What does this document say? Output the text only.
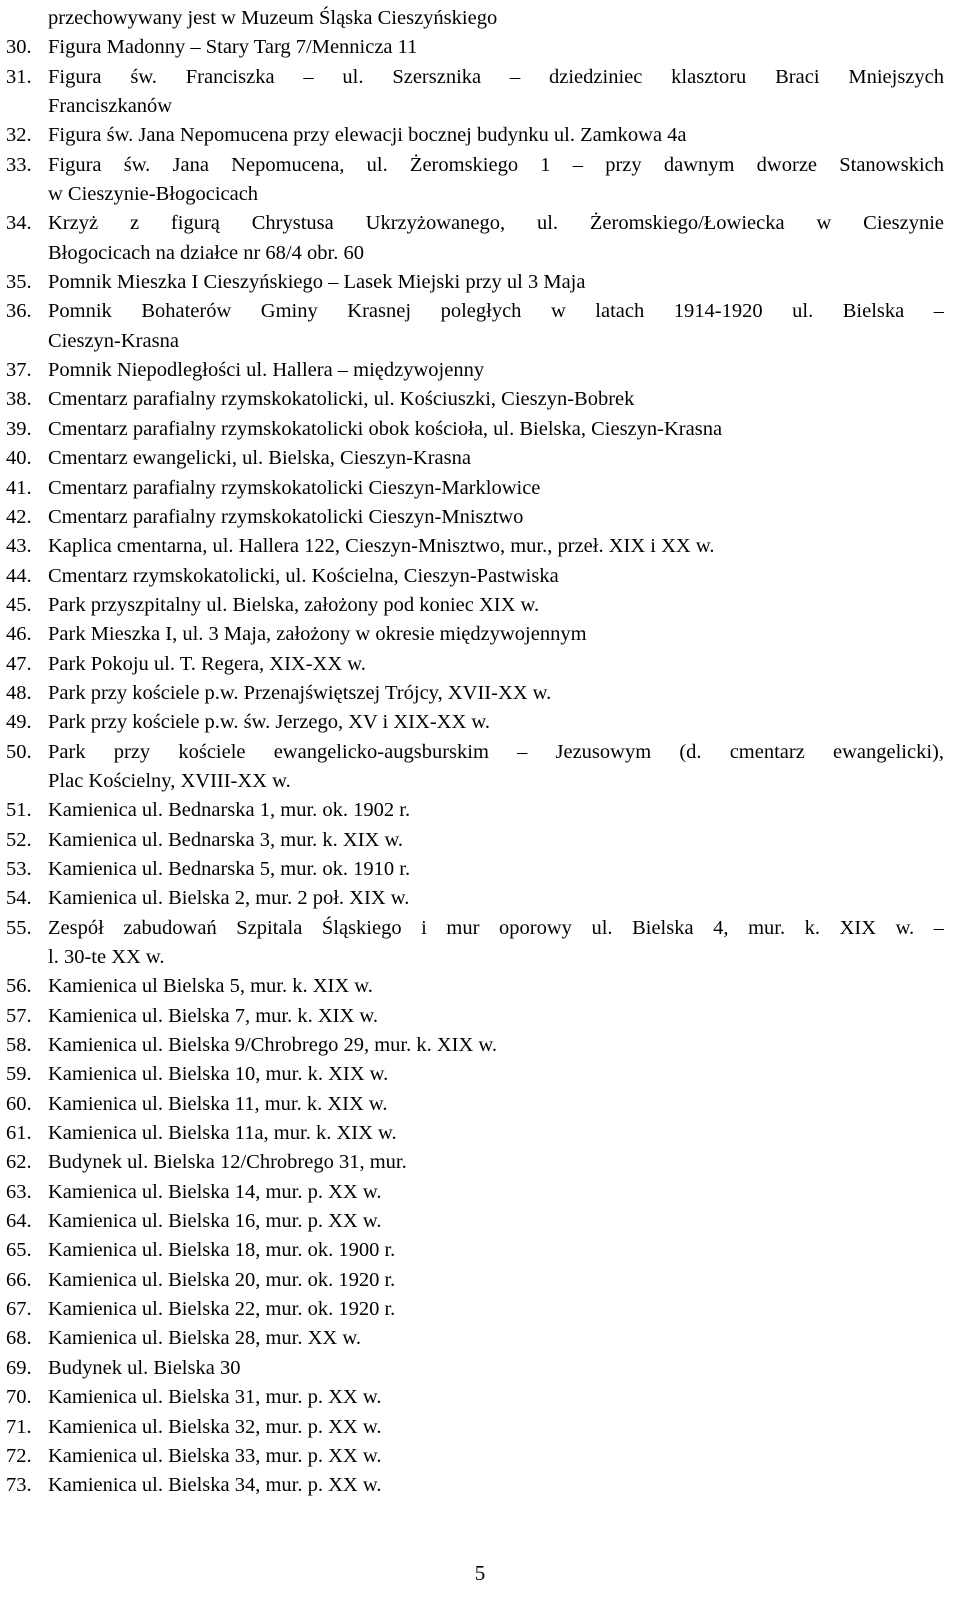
przechowywany jest w Muzeum Śląska Cieszyńskiego
30. Figura Madonny – Stary Targ 7/Mennicza 11
31. Figura św. Franciszka – ul. Szersznika – dziedziniec klasztoru Braci Mniejszych
Franciszkanów
32. Figura św. Jana Nepomucena przy elewacji bocznej budynku ul. Zamkowa 4a
33. Figura św. Jana Nepomucena, ul. Żeromskiego 1 – przy dawnym dworze Stanowskich
w Cieszynie-Błogocicach
34. Krzyż z figurą Chrystusa Ukrzyżowanego, ul. Żeromskiego/Łowiecka w Cieszynie
Błogocicach na działce nr 68/4 obr. 60
35. Pomnik Mieszka I Cieszyńskiego – Lasek Miejski przy ul 3 Maja
36. Pomnik Bohaterów Gminy Krasnej poległych w latach 1914-1920 ul. Bielska –
Cieszyn-Krasna
37. Pomnik Niepodległości ul. Hallera – międzywojenny
38. Cmentarz parafialny rzymskokatolicki, ul. Kościuszki, Cieszyn-Bobrek
39. Cmentarz parafialny rzymskokatolicki obok kościoła, ul. Bielska, Cieszyn-Krasna
40. Cmentarz ewangelicki, ul. Bielska, Cieszyn-Krasna
41. Cmentarz parafialny rzymskokatolicki Cieszyn-Marklowice
42. Cmentarz parafialny rzymskokatolicki Cieszyn-Mnisztwo
43. Kaplica cmentarna, ul. Hallera 122, Cieszyn-Mnisztwo, mur., przeł. XIX i XX w.
44. Cmentarz rzymskokatolicki, ul. Kościelna, Cieszyn-Pastwiska
45. Park przyszpitalny ul. Bielska, założony pod koniec XIX w.
46. Park Mieszka I, ul. 3 Maja, założony w okresie międzywojennym
47. Park Pokoju ul. T. Regera, XIX-XX w.
48. Park przy kościele p.w. Przenajświętszej Trójcy, XVII-XX w.
49. Park przy kościele p.w. św. Jerzego, XV i XIX-XX w.
50. Park przy kościele ewangelicko-augsburskim – Jezusowym (d. cmentarz ewangelicki),
Plac Kościelny, XVIII-XX w.
51. Kamienica ul. Bednarska 1, mur. ok. 1902 r.
52. Kamienica ul. Bednarska 3, mur. k. XIX w.
53. Kamienica ul. Bednarska 5, mur. ok. 1910 r.
54. Kamienica ul. Bielska 2, mur. 2 poł. XIX w.
55. Zespół zabudowań Szpitala Śląskiego i mur oporowy ul. Bielska 4, mur. k. XIX w. –
l. 30-te XX w.
56. Kamienica ul Bielska 5, mur. k. XIX w.
57. Kamienica ul. Bielska 7, mur. k. XIX w.
58. Kamienica ul. Bielska 9/Chrobrego 29, mur. k. XIX w.
59. Kamienica ul. Bielska 10, mur. k. XIX w.
60. Kamienica ul. Bielska 11, mur. k. XIX w.
61. Kamienica ul. Bielska 11a, mur. k. XIX w.
62. Budynek ul. Bielska 12/Chrobrego 31, mur.
63. Kamienica ul. Bielska 14, mur. p. XX w.
64. Kamienica ul. Bielska 16, mur. p. XX w.
65. Kamienica ul. Bielska 18, mur. ok. 1900 r.
66. Kamienica ul. Bielska 20, mur. ok. 1920 r.
67. Kamienica ul. Bielska 22, mur. ok. 1920 r.
68. Kamienica ul. Bielska 28, mur. XX w.
69. Budynek ul. Bielska 30
70. Kamienica ul. Bielska 31, mur. p. XX w.
71. Kamienica ul. Bielska 32, mur. p. XX w.
72. Kamienica ul. Bielska 33, mur. p. XX w.
73. Kamienica ul. Bielska 34, mur. p. XX w.
5
